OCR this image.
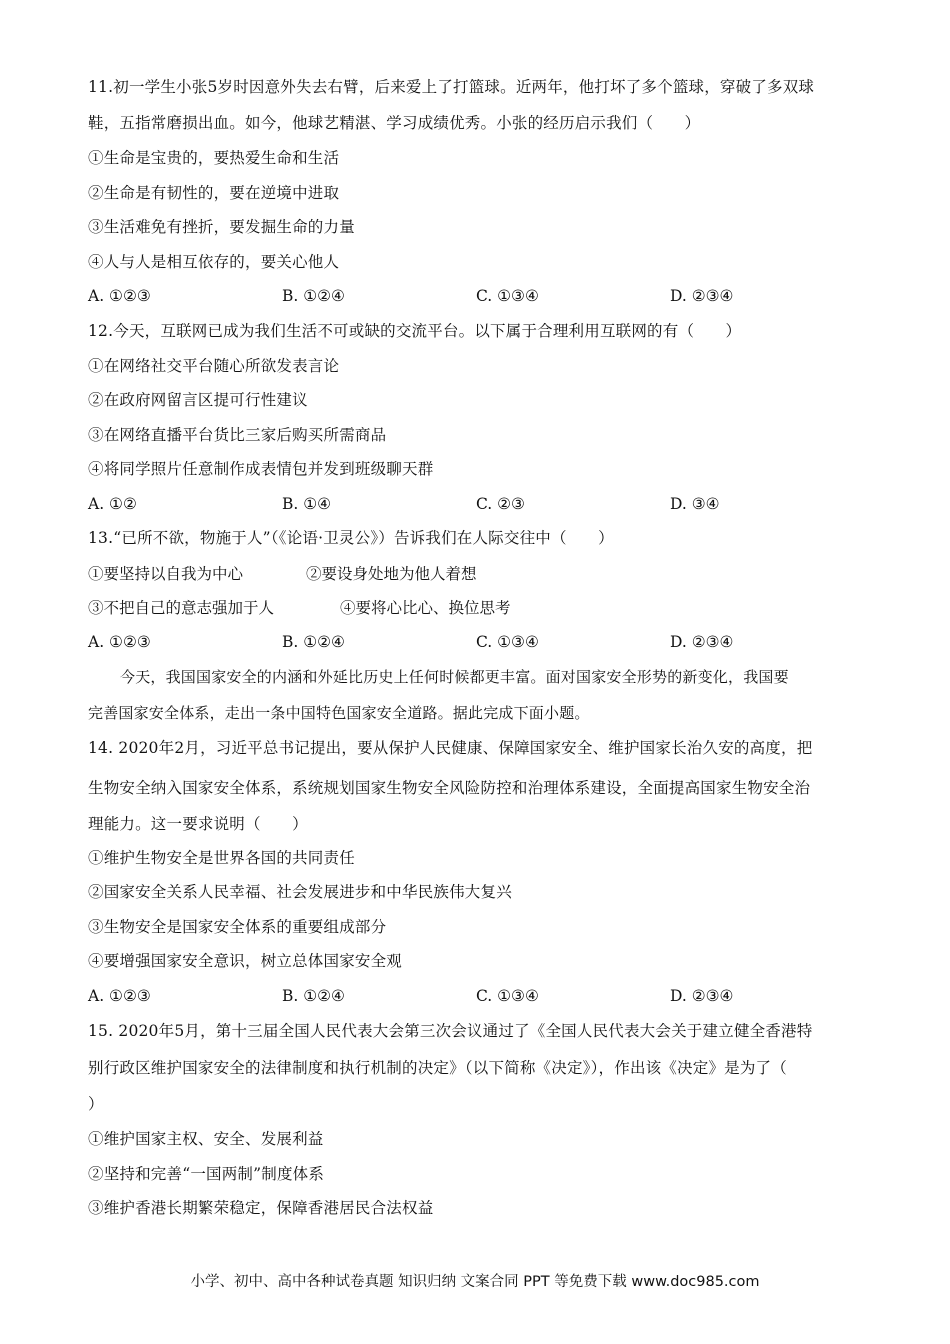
11.初一学生小张5岁时因意外失去右臂，后来爱上了打篮球。近两年，他打坏了多个篮球，穿破了多双球
鞋，五指常磨损出血。如今，他球艺精湛、学习成绩优秀。小张的经历启示我们（　　）
①生命是宝贵的，要热爱生命和生活
②生命是有韧性的，要在逆境中进取
③生活难免有挫折，要发掘生命的力量
④人与人是相互依存的，要关心他人
A. ①②③	B. ①②④	C. ①③④	D. ②③④
12.今天，互联网已成为我们生活不可或缺的交流平台。以下属于合理利用互联网的有（　　）
①在网络社交平台随心所欲发表言论
②在政府网留言区提可行性建议
③在网络直播平台货比三家后购买所需商品
④将同学照片任意制作成表情包并发到班级聊天群
A. ①②	B. ①④	C. ②③	D. ③④
13.“已所不欲，物施于人”（《论语·卫灵公》）告诉我们在人际交往中（　　）
①要坚持以自我为中心	②要设身处地为他人着想
③不把自己的意志强加于人	④要将心比心、换位思考
A. ①②③	B. ①②④	C. ①③④	D. ②③④
今天，我国国家安全的内涵和外延比历史上任何时候都更丰富。面对国家安全形势的新变化，我国要
完善国家安全体系，走出一条中国特色国家安全道路。据此完成下面小题。
14. 2020年2月，习近平总书记提出，要从保护人民健康、保障国家安全、维护国家长治久安的高度，把
生物安全纳入国家安全体系，系统规划国家生物安全风险防控和治理体系建设，全面提高国家生物安全治
理能力。这一要求说明（　　）
①维护生物安全是世界各国的共同责任
②国家安全关系人民幸福、社会发展进步和中华民族伟大复兴
③生物安全是国家安全体系的重要组成部分
④要增强国家安全意识，树立总体国家安全观
A. ①②③	B. ①②④	C. ①③④	D. ②③④
15. 2020年5月，第十三届全国人民代表大会第三次会议通过了《全国人民代表大会关于建立健全香港特
别行政区维护国家安全的法律制度和执行机制的决定》（以下简称《决定》），作出该《决定》是为了（
）
①维护国家主权、安全、发展利益
②坚持和完善“一国两制”制度体系
③维护香港长期繁荣稳定，保障香港居民合法权益
小学、初中、高中各种试卷真题 知识归纳 文案合同 PPT 等免费下载 www.doc985.com
